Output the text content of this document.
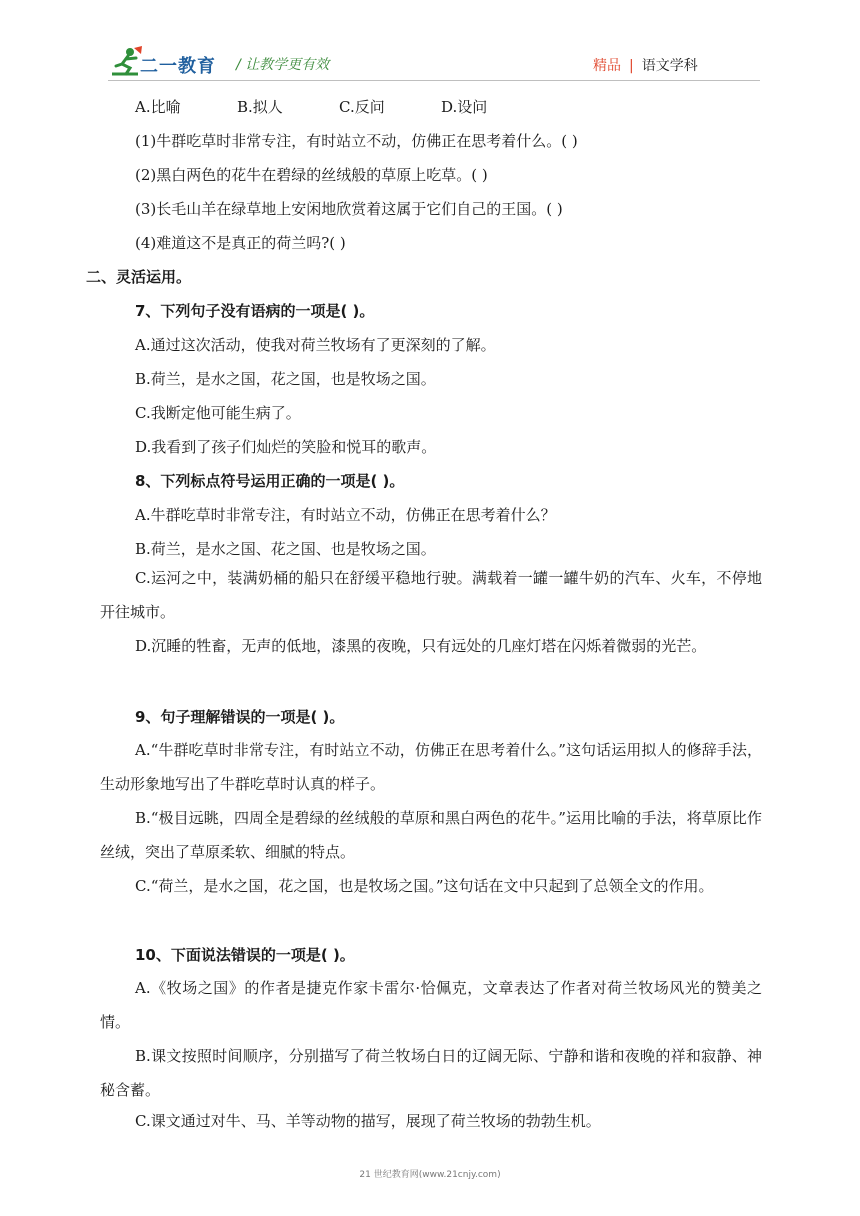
二一教育 / 让教学更有效	精品 | 语文学科
A.比喻	B.拟人	C.反问	D.设问
(1)牛群吃草时非常专注，有时站立不动，仿佛正在思考着什么。( )
(2)黑白两色的花牛在碧绿的丝绒般的草原上吃草。( )
(3)长毛山羊在绿草地上安闲地欣赏着这属于它们自己的王国。( )
(4)难道这不是真正的荷兰吗?( )
二、灵活运用。
7、下列句子没有语病的一项是( )。
A.通过这次活动，使我对荷兰牧场有了更深刻的了解。
B.荷兰，是水之国，花之国，也是牧场之国。
C.我断定他可能生病了。
D.我看到了孩子们灿烂的笑脸和悦耳的歌声。
8、下列标点符号运用正确的一项是( )。
A.牛群吃草时非常专注，有时站立不动，仿佛正在思考着什么？
B.荷兰，是水之国、花之国、也是牧场之国。
C.运河之中，装满奶桶的船只在舒缓平稳地行驶。满载着一罐一罐牛奶的汽车、火车，不停地开往城市。
D.沉睡的牲畜，无声的低地，漆黑的夜晚，只有远处的几座灯塔在闪烁着微弱的光芒。
9、句子理解错误的一项是( )。
A.“牛群吃草时非常专注，有时站立不动，仿佛正在思考着什么。”这句话运用拟人的修辞手法，生动形象地写出了牛群吃草时认真的样子。
B.“极目远眺，四周全是碧绿的丝绒般的草原和黑白两色的花牛。”运用比喻的手法，将草原比作丝绒，突出了草原柔软、细腻的特点。
C.“荷兰，是水之国，花之国，也是牧场之国。”这句话在文中只起到了总领全文的作用。
10、下面说法错误的一项是( )。
A.《牧场之国》的作者是捷克作家卡雷尔·恰佩克，文章表达了作者对荷兰牧场风光的赞美之情。
B.课文按照时间顺序，分别描写了荷兰牧场白日的辽阔无际、宁静和谐和夜晚的祥和寂静、神秘含蓄。
C.课文通过对牛、马、羊等动物的描写，展现了荷兰牧场的勃勃生机。
21 世纪教育网(www.21cnjy.com)
